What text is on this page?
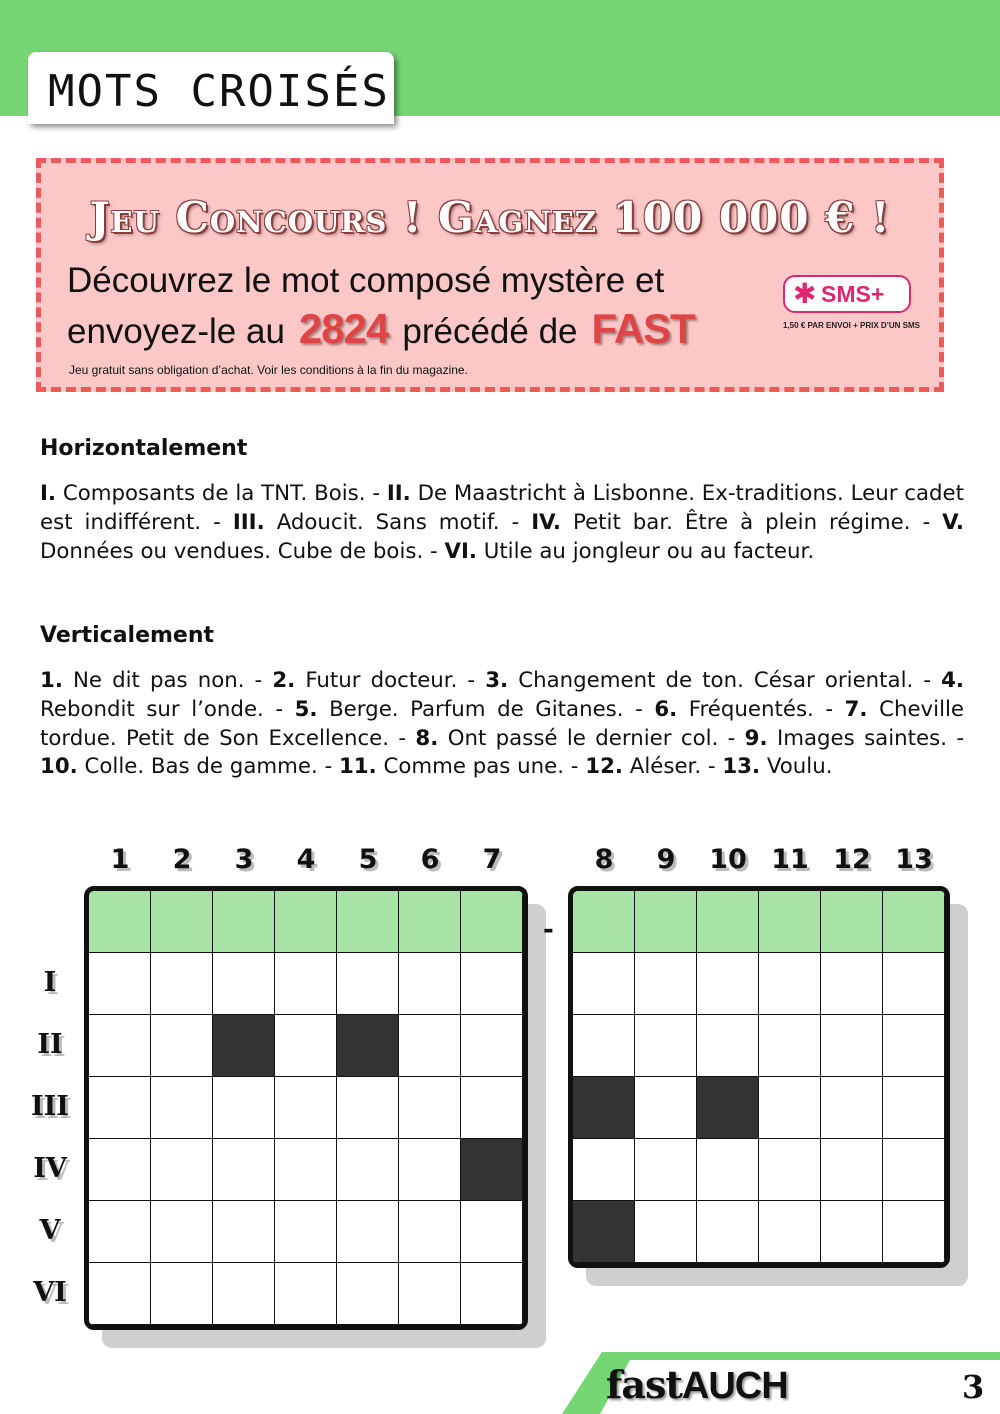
MOTS CROISÉS
Jeu Concours ! Gagnez 100 000 € !
Découvrez le mot composé mystère et
envoyez-le au 2824 précédé de FAST
Jeu gratuit sans obligation d’achat. Voir les conditions à la fin du magazine.
✱ SMS+
1,50 € PAR ENVOI + PRIX D’UN SMS
Horizontalement
I. Composants de la TNT. Bois. - II. De Maastricht à Lisbonne. Ex-traditions. Leur cadet est indifférent. - III. Adoucit. Sans motif. - IV. Petit bar. Être à plein régime. - V. Données ou vendues. Cube de bois. - VI. Utile au jongleur ou au facteur.
Verticalement
1. Ne dit pas non. - 2. Futur docteur. - 3. Changement de ton. César oriental. - 4. Rebondit sur l’onde. - 5. Berge. Parfum de Gitanes. - 6. Fréquentés. - 7. Cheville tordue. Petit de Son Excellence. - 8. Ont passé le dernier col. - 9. Images saintes. - 10. Colle. Bas de gamme. - 11. Comme pas une. - 12. Aléser. - 13. Voulu.
1	2	3	4	5	6	7	8	9	10 11 12 13
I
II
III
IV
V
VI
-
fastAUCH	3
